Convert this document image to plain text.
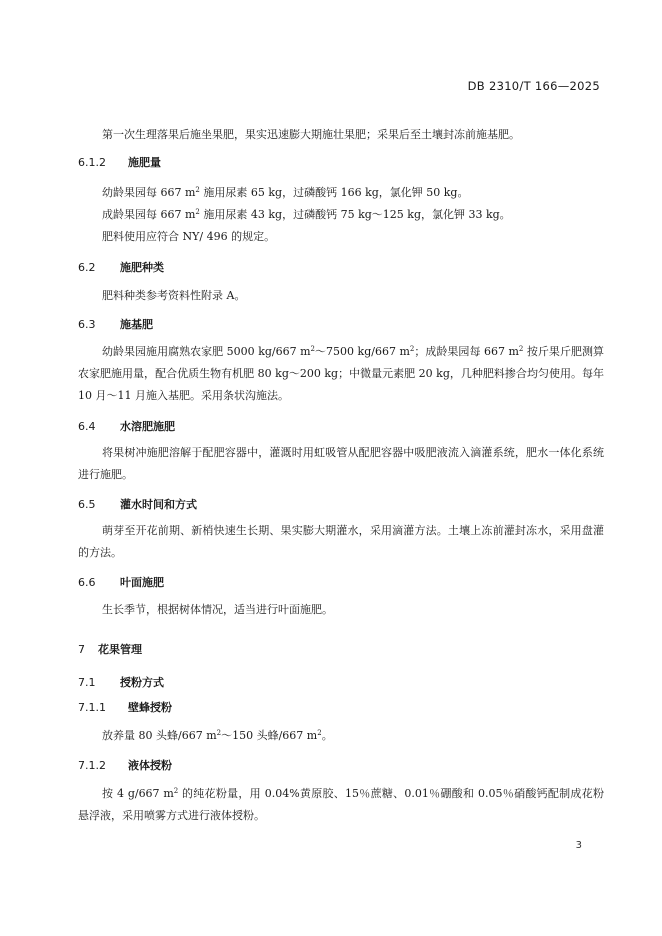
DB 2310/T 166—2025
第一次生理落果后施坐果肥，果实迅速膨大期施壮果肥；采果后至土壤封冻前施基肥。
6.1.2 施肥量
幼龄果园每 667 $m^2$ 施用尿素 65 kg，过磷酸钙 166 kg，氯化钾 50 kg。
成龄果园每 667 $m^2$ 施用尿素 43 kg，过磷酸钙 75 kg～125 kg，氯化钾 33 kg。
肥料使用应符合 NY/ 496 的规定。
6.2 施肥种类
肥料种类参考资料性附录 A。
6.3 施基肥
幼龄果园施用腐熟农家肥 5000 kg/667 $m^2\sim 7500$ kg/667 $m^2$；成龄果园每 667 $m^2$ 按斤果斤肥测算农家肥施用量，配合优质生物有机肥 80 kg～200 kg；中微量元素肥 20 kg，几种肥料掺合均匀使用。每年 10 月～11 月施入基肥。采用条状沟施法。
6.4 水溶肥施肥
将果树冲施肥溶解于配肥容器中，灌溉时用虹吸管从配肥容器中吸肥液流入滴灌系统，肥水一体化系统进行施肥。
6.5 灌水时间和方式
萌芽至开花前期、新梢快速生长期、果实膨大期灌水，采用滴灌方法。土壤上冻前灌封冻水，采用盘灌的方法。
6.6 叶面施肥
生长季节，根据树体情况，适当进行叶面施肥。
7 花果管理
7.1 授粉方式
7.1.1 壁蜂授粉
放养量 80 头蜂/667 $m^2\sim 150$ 头蜂/667 $m^2$。
7.1.2 液体授粉
按 4 g/667 $m^2$ 的纯花粉量，用 0.04%黄原胶、15％蔗糖、0.01％硼酸和 0.05％硝酸钙配制成花粉悬浮液，采用喷雾方式进行液体授粉。
3
